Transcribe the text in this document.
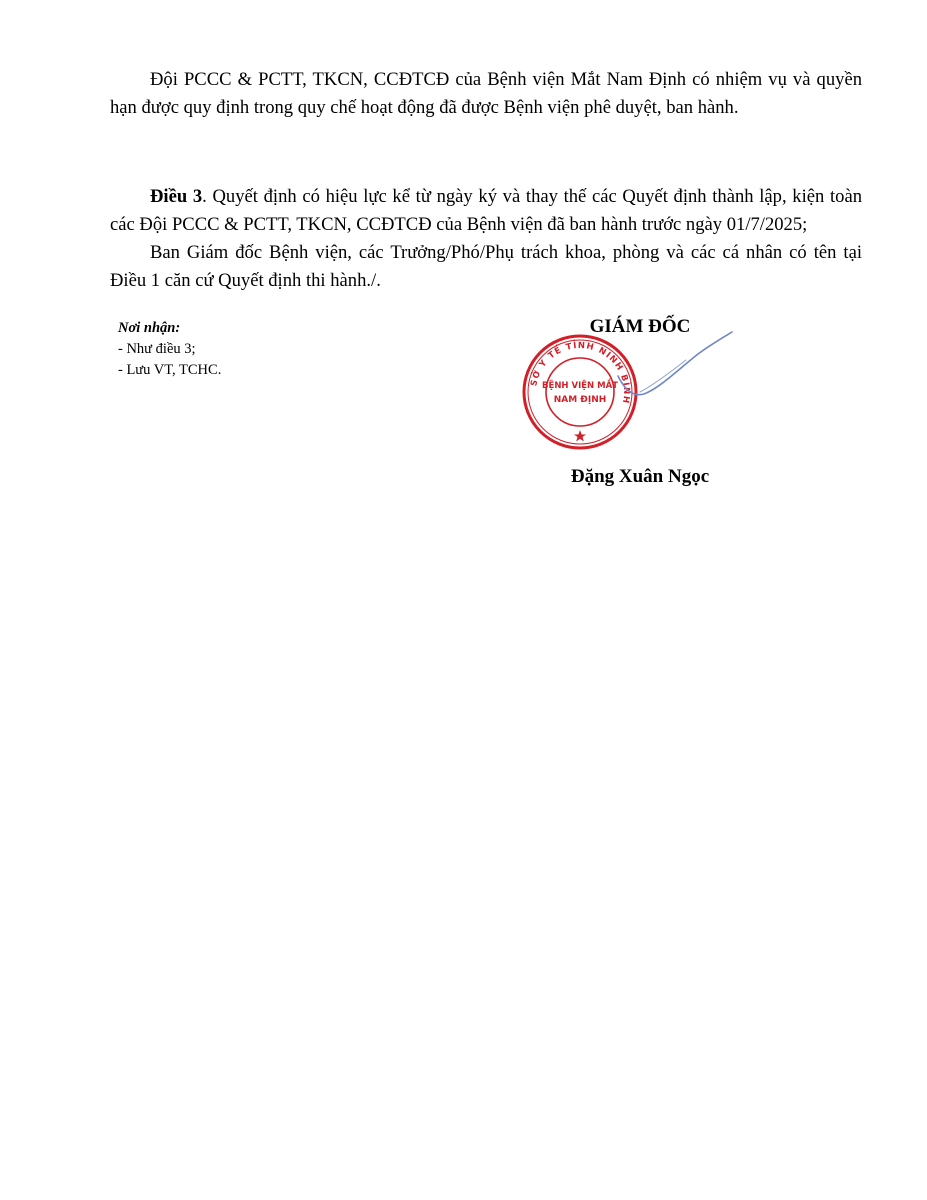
Đội PCCC & PCTT, TKCN, CCĐTCĐ của Bệnh viện Mắt Nam Định có nhiệm vụ và quyền hạn được quy định trong quy chế hoạt động đã được Bệnh viện phê duyệt, ban hành.

Điều 3. Quyết định có hiệu lực kể từ ngày ký và thay thế các Quyết định thành lập, kiện toàn các Đội PCCC & PCTT, TKCN, CCĐTCĐ của Bệnh viện đã ban hành trước ngày 01/7/2025;

Ban Giám đốc Bệnh viện, các Trưởng/Phó/Phụ trách khoa, phòng và các cá nhân có tên tại Điều 1 căn cứ Quyết định thi hành./.

Nơi nhận:
- Như điều 3;
- Lưu VT, TCHC.
GIÁM ĐỐC
SỞ Y TẾ TỈNH NINH BÌNH
BỆNH VIỆN MẮT
NAM ĐỊNH
Đặng Xuân Ngọc
